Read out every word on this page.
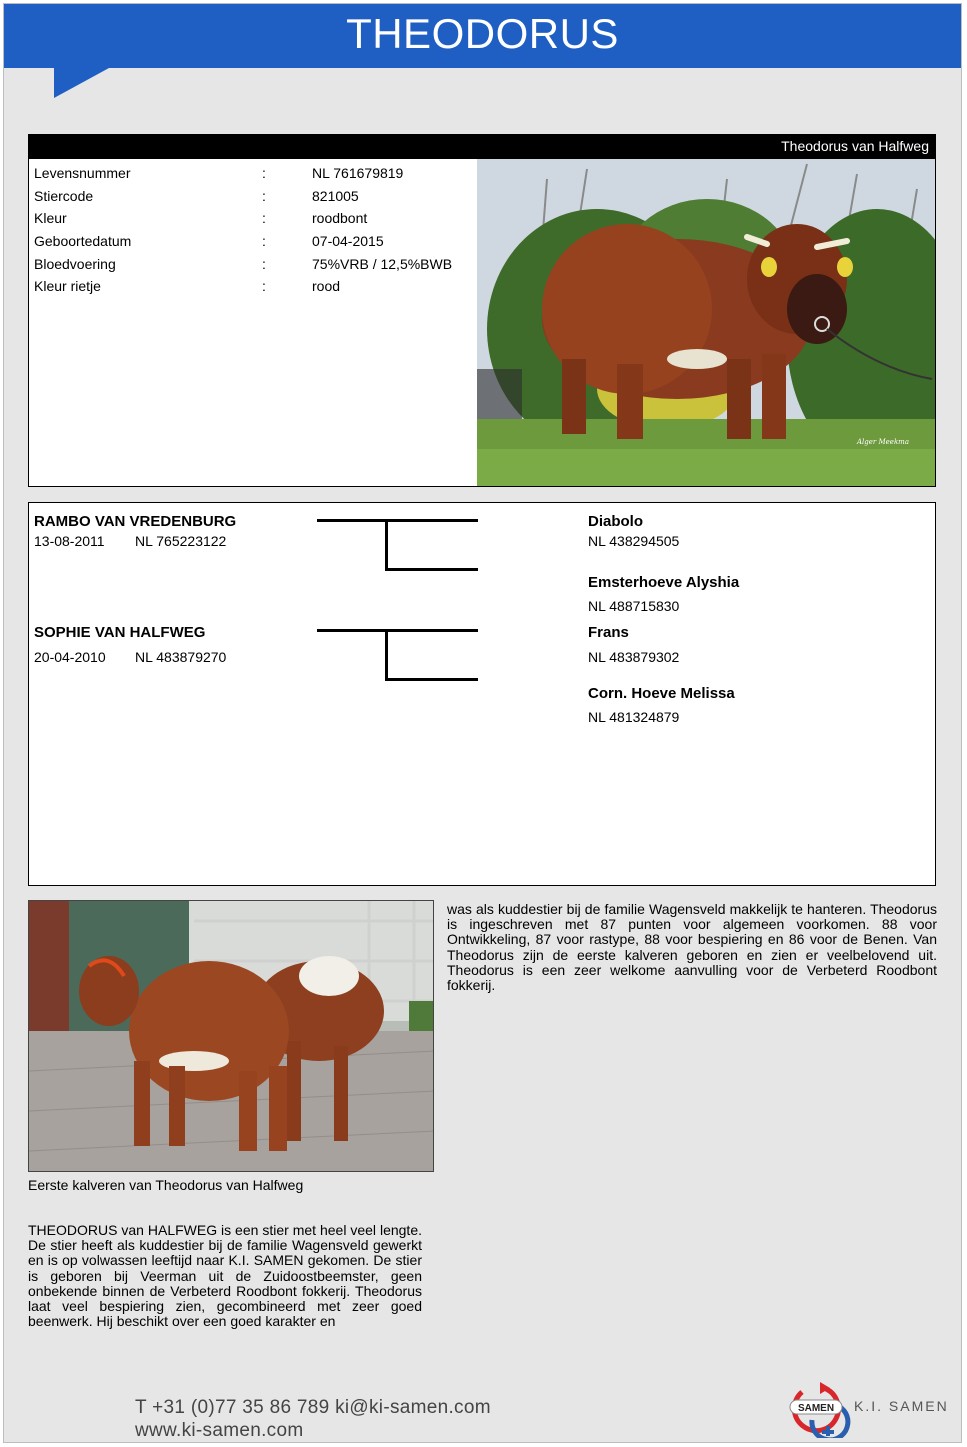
THEODORUS
Theodorus van Halfweg
Levensnummer	:	NL 761679819
Stiercode	:	821005
Kleur	:	roodbont
Geboortedatum	:	07-04-2015
Bloedvoering	:	75%VRB / 12,5%BWB
Kleur rietje	:	rood
Alger Meekma
RAMBO VAN VREDENBURG
13-08-2011 NL 765223122
SOPHIE VAN HALFWEG
20-04-2010 NL 483879270
Diabolo
NL 438294505
Emsterhoeve Alyshia
NL 488715830
Frans
NL 483879302
Corn. Hoeve Melissa
NL 481324879
Eerste kalveren van Theodorus van Halfweg
THEODORUS van HALFWEG is een stier met heel veel lengte. De stier heeft als kuddestier bij de familie Wagensveld gewerkt en is op volwassen leeftijd naar K.I. SAMEN gekomen. De stier is geboren bij Veerman uit de Zuidoostbeemster, geen onbekende binnen de Verbeterd Roodbont fokkerij. Theodorus laat veel bespiering zien, gecombineerd met zeer goed beenwerk. Hij beschikt over een goed karakter en
was als kuddestier bij de familie Wagensveld makkelijk te hanteren. Theodorus is ingeschreven met 87 punten voor algemeen voorkomen. 88 voor Ontwikkeling, 87 voor rastype, 88 voor bespiering en 86 voor de Benen. Van Theodorus zijn de eerste kalveren geboren en zien er veelbelovend uit. Theodorus is een zeer welkome aanvulling voor de Verbeterd Roodbont fokkerij.
T +31 (0)77 35 86 789 ki@ki-samen.com
www.ki-samen.com
SAMEN K.I. SAMEN
